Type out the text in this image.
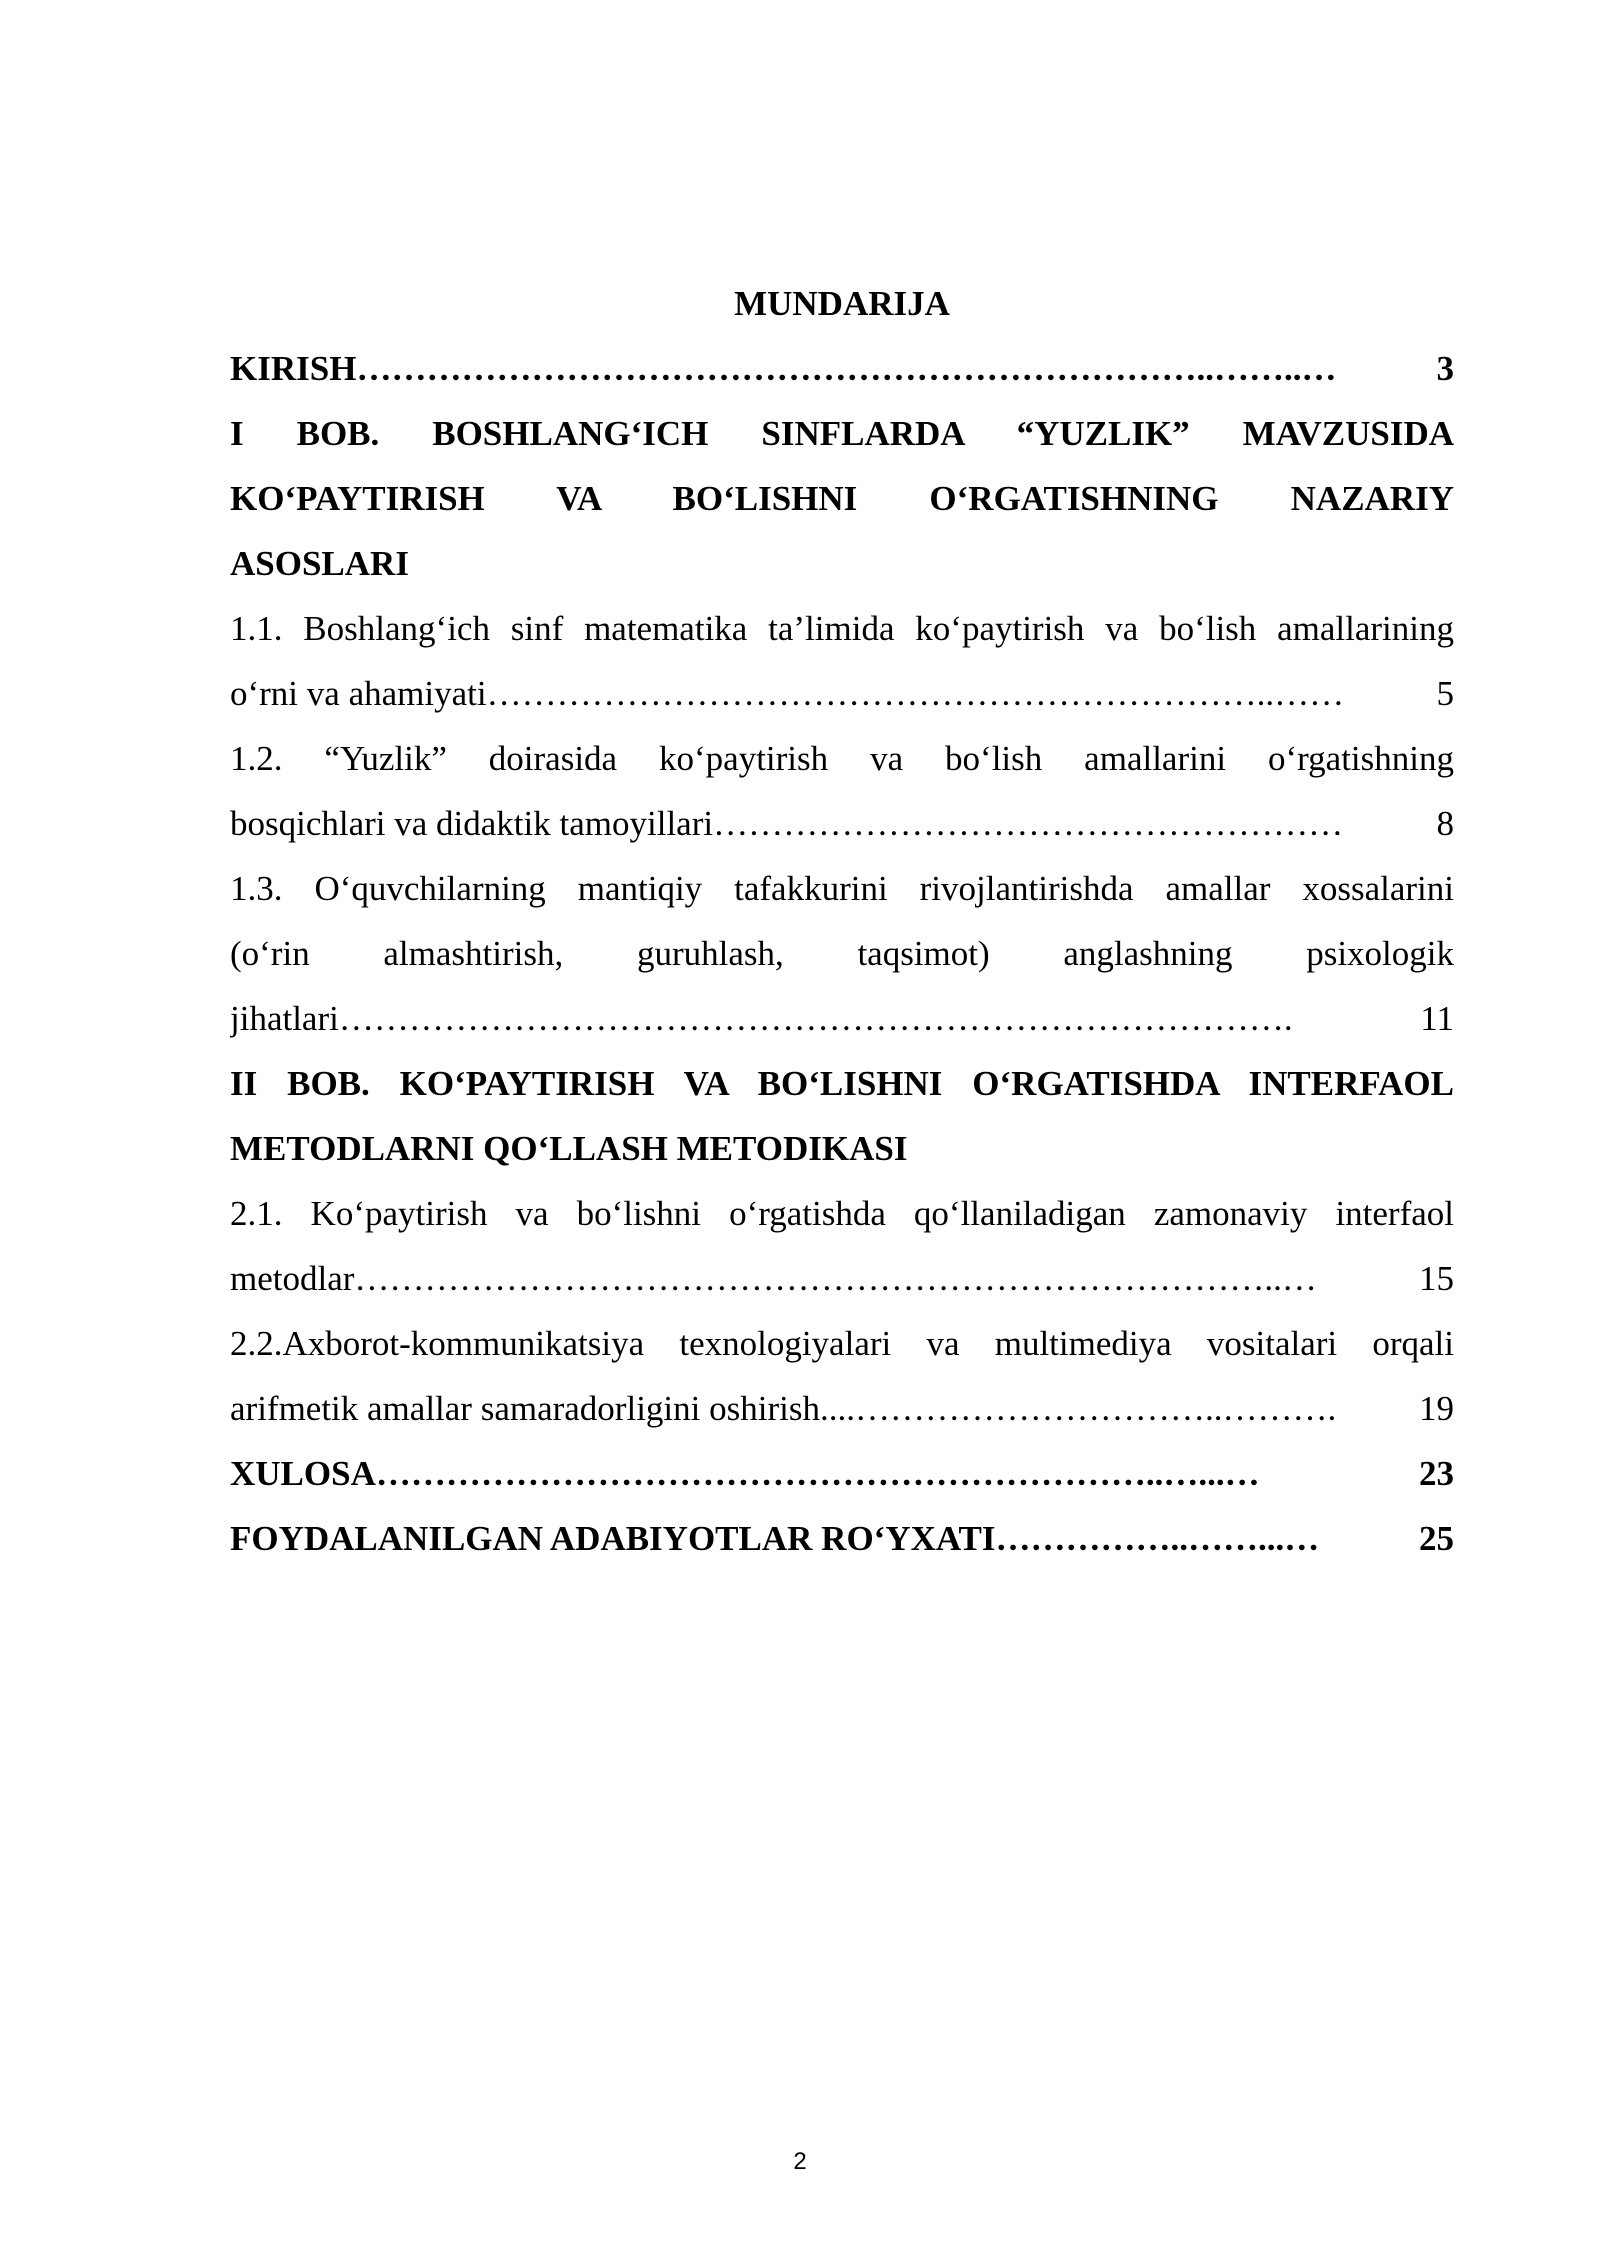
MUNDARIJA

KIRISH ………………………………………………………………..……..…	3

I BOB. BOSHLANG‘ICH SINFLARDA “YUZLIK” MAVZUSIDA

KO‘PAYTIRISH VA BO‘LISHNI O‘RGATISHNING NAZARIY

ASOSLARI

1.1. Boshlang‘ich sinf matematika ta’limida ko‘paytirish va bo‘lish amallarining

o‘rni va ahamiyati …………………………………………………………..……	5

1.2. “Yuzlik” doirasida ko‘paytirish va bo‘lish amallarini o‘rgatishning

bosqichlari va didaktik tamoyillari ………………………………………………	8

1.3. O‘quvchilarning mantiqiy tafakkurini rivojlantirishda amallar xossalarini

(o‘rin almashtirish, guruhlash, taqsimot) anglashning psixologik

jihatlari ……………………………………………………………………….	11

II BOB. KO‘PAYTIRISH VA BO‘LISHNI O‘RGATISHDA INTERFAOL

METODLARNI QO‘LLASH METODIKASI

2.1. Ko‘paytirish va bo‘lishni o‘rgatishda qo‘llaniladigan zamonaviy interfaol

metodlar ……………………………………………………………………..…	15

2.2.Axborot-kommunikatsiya texnologiyalari va multimediya vositalari orqali

arifmetik amallar samaradorligini oshirish.... …………………………..……….	19
XULOSA …………………………………………………………..…...…	23
FOYDALANILGAN ADABIYOTLAR RO‘YXATI ……………..……...…	25
2
